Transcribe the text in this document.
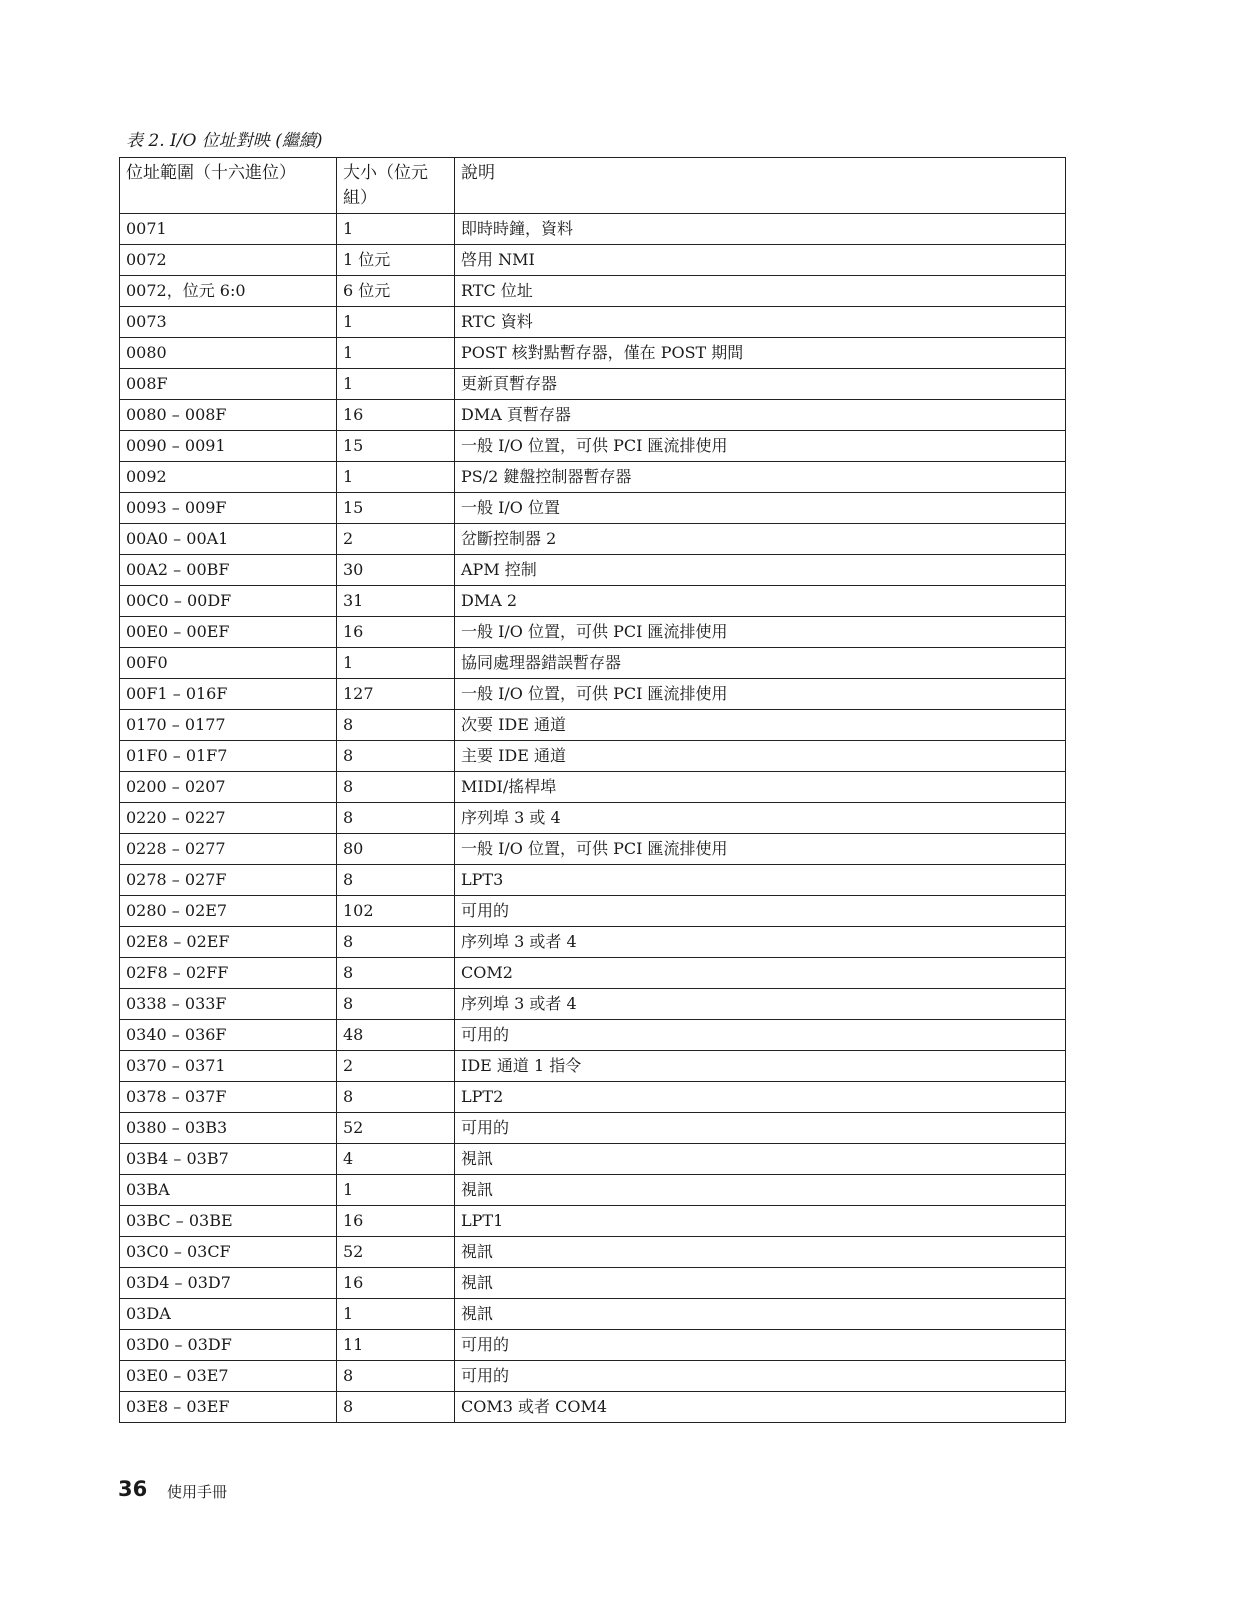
表 2. I/O 位址對映 (繼續)
位址範圍（十六進位）	大小（位元組）	說明
0071	1	即時時鐘，資料
0072	1 位元	啓用 NMI
0072，位元 6:0	6 位元	RTC 位址
0073	1	RTC 資料
0080	1	POST 核對點暫存器，僅在 POST 期間
008F	1	更新頁暫存器
0080 – 008F	16	DMA 頁暫存器
0090 – 0091	15	一般 I/O 位置，可供 PCI 匯流排使用
0092	1	PS/2 鍵盤控制器暫存器
0093 – 009F	15	一般 I/O 位置
00A0 – 00A1	2	岔斷控制器 2
00A2 – 00BF	30	APM 控制
00C0 – 00DF	31	DMA 2
00E0 – 00EF	16	一般 I/O 位置，可供 PCI 匯流排使用
00F0	1	協同處理器錯誤暫存器
00F1 – 016F	127	一般 I/O 位置，可供 PCI 匯流排使用
0170 – 0177	8	次要 IDE 通道
01F0 – 01F7	8	主要 IDE 通道
0200 – 0207	8	MIDI/搖桿埠
0220 – 0227	8	序列埠 3 或 4
0228 – 0277	80	一般 I/O 位置，可供 PCI 匯流排使用
0278 – 027F	8	LPT3
0280 – 02E7	102	可用的
02E8 – 02EF	8	序列埠 3 或者 4
02F8 – 02FF	8	COM2
0338 – 033F	8	序列埠 3 或者 4
0340 – 036F	48	可用的
0370 – 0371	2	IDE 通道 1 指令
0378 – 037F	8	LPT2
0380 – 03B3	52	可用的
03B4 – 03B7	4	視訊
03BA	1	視訊
03BC – 03BE	16	LPT1
03C0 – 03CF	52	視訊
03D4 – 03D7	16	視訊
03DA	1	視訊
03D0 – 03DF	11	可用的
03E0 – 03E7	8	可用的
03E8 – 03EF	8	COM3 或者 COM4
36 使用手冊
